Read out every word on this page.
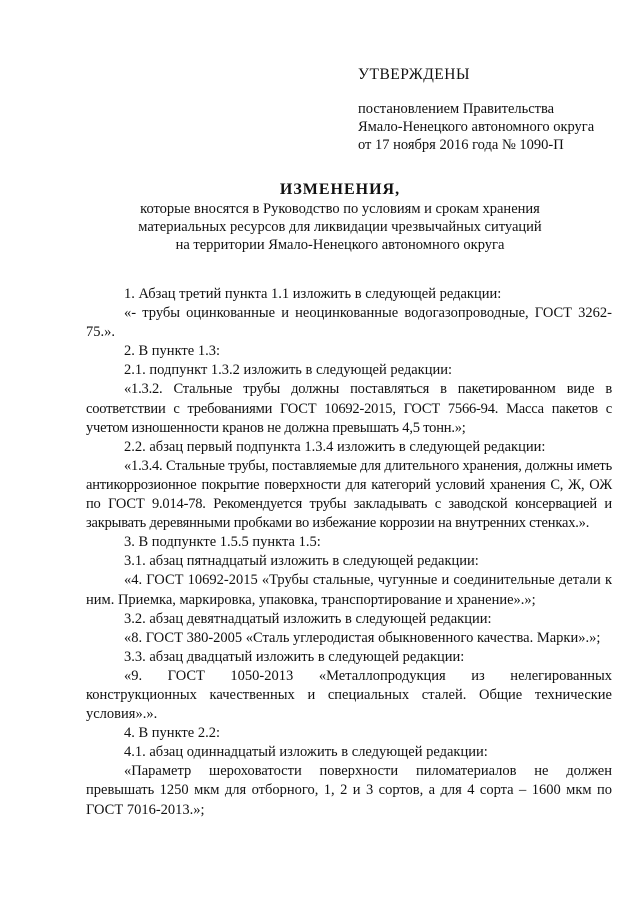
УТВЕРЖДЕНЫ
постановлением Правительства
Ямало-Ненецкого автономного округа
от 17 ноября 2016 года № 1090-П
ИЗМЕНЕНИЯ,
которые вносятся в Руководство по условиям и срокам хранения
материальных ресурсов для ликвидации чрезвычайных ситуаций
на территории Ямало-Ненецкого автономного округа
1. Абзац третий пункта 1.1 изложить в следующей редакции:
«- трубы оцинкованные и неоцинкованные водогазопроводные, ГОСТ 3262-75.».
2. В пункте 1.3:
2.1. подпункт 1.3.2 изложить в следующей редакции:
«1.3.2. Стальные трубы должны поставляться в пакетированном виде в соответствии с требованиями ГОСТ 10692-2015, ГОСТ 7566-94. Масса пакетов с учетом изношенности кранов не должна превышать 4,5 тонн.»;
2.2. абзац первый подпункта 1.3.4 изложить в следующей редакции:
«1.3.4. Стальные трубы, поставляемые для длительного хранения, должны иметь антикоррозионное покрытие поверхности для категорий условий хранения С, Ж, ОЖ по ГОСТ 9.014-78. Рекомендуется трубы закладывать с заводской консервацией и закрывать деревянными пробками во избежание коррозии на внутренних стенках.».
3. В подпункте 1.5.5 пункта 1.5:
3.1. абзац пятнадцатый изложить в следующей редакции:
«4. ГОСТ 10692-2015 «Трубы стальные, чугунные и соединительные детали к ним. Приемка, маркировка, упаковка, транспортирование и хранение».»;
3.2. абзац девятнадцатый изложить в следующей редакции:
«8. ГОСТ 380-2005 «Сталь углеродистая обыкновенного качества. Марки».»;
3.3. абзац двадцатый изложить в следующей редакции:
«9. ГОСТ 1050-2013 «Металлопродукция из нелегированных конструкционных качественных и специальных сталей. Общие технические условия».».
4. В пункте 2.2:
4.1. абзац одиннадцатый изложить в следующей редакции:
«Параметр шероховатости поверхности пиломатериалов не должен превышать 1250 мкм для отборного, 1, 2 и 3 сортов, а для 4 сорта – 1600 мкм по ГОСТ 7016-2013.»;
